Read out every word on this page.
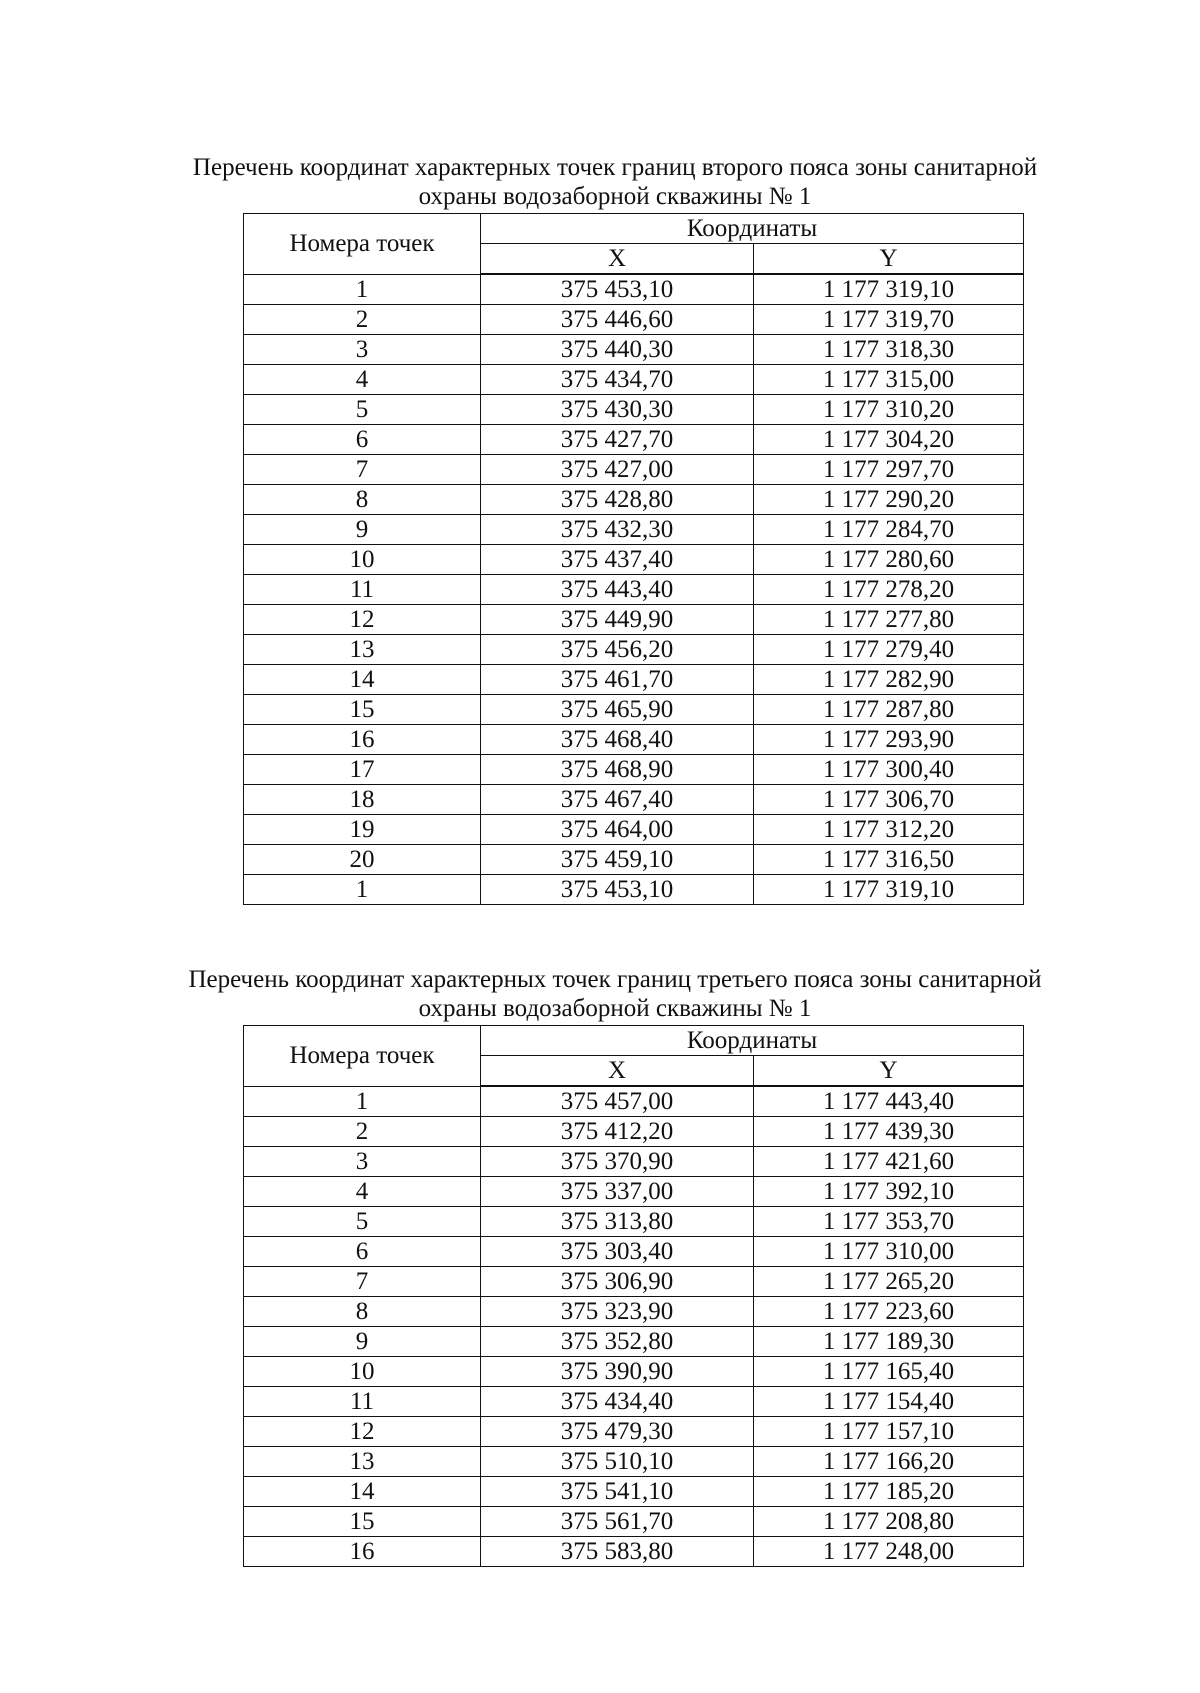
Перечень координат характерных точек границ второго пояса зоны санитарной
охраны водозаборной скважины № 1
Номера точек	Координаты	
	X	Y
1	375 453,10	1 177 319,10
2	375 446,60	1 177 319,70
3	375 440,30	1 177 318,30
4	375 434,70	1 177 315,00
5	375 430,30	1 177 310,20
6	375 427,70	1 177 304,20
7	375 427,00	1 177 297,70
8	375 428,80	1 177 290,20
9	375 432,30	1 177 284,70
10	375 437,40	1 177 280,60
11	375 443,40	1 177 278,20
12	375 449,90	1 177 277,80
13	375 456,20	1 177 279,40
14	375 461,70	1 177 282,90
15	375 465,90	1 177 287,80
16	375 468,40	1 177 293,90
17	375 468,90	1 177 300,40
18	375 467,40	1 177 306,70
19	375 464,00	1 177 312,20
20	375 459,10	1 177 316,50
1	375 453,10	1 177 319,10
Перечень координат характерных точек границ третьего пояса зоны санитарной
охраны водозаборной скважины № 1
Номера точек	Координаты	
	X	Y
1	375 457,00	1 177 443,40
2	375 412,20	1 177 439,30
3	375 370,90	1 177 421,60
4	375 337,00	1 177 392,10
5	375 313,80	1 177 353,70
6	375 303,40	1 177 310,00
7	375 306,90	1 177 265,20
8	375 323,90	1 177 223,60
9	375 352,80	1 177 189,30
10	375 390,90	1 177 165,40
11	375 434,40	1 177 154,40
12	375 479,30	1 177 157,10
13	375 510,10	1 177 166,20
14	375 541,10	1 177 185,20
15	375 561,70	1 177 208,80
16	375 583,80	1 177 248,00
